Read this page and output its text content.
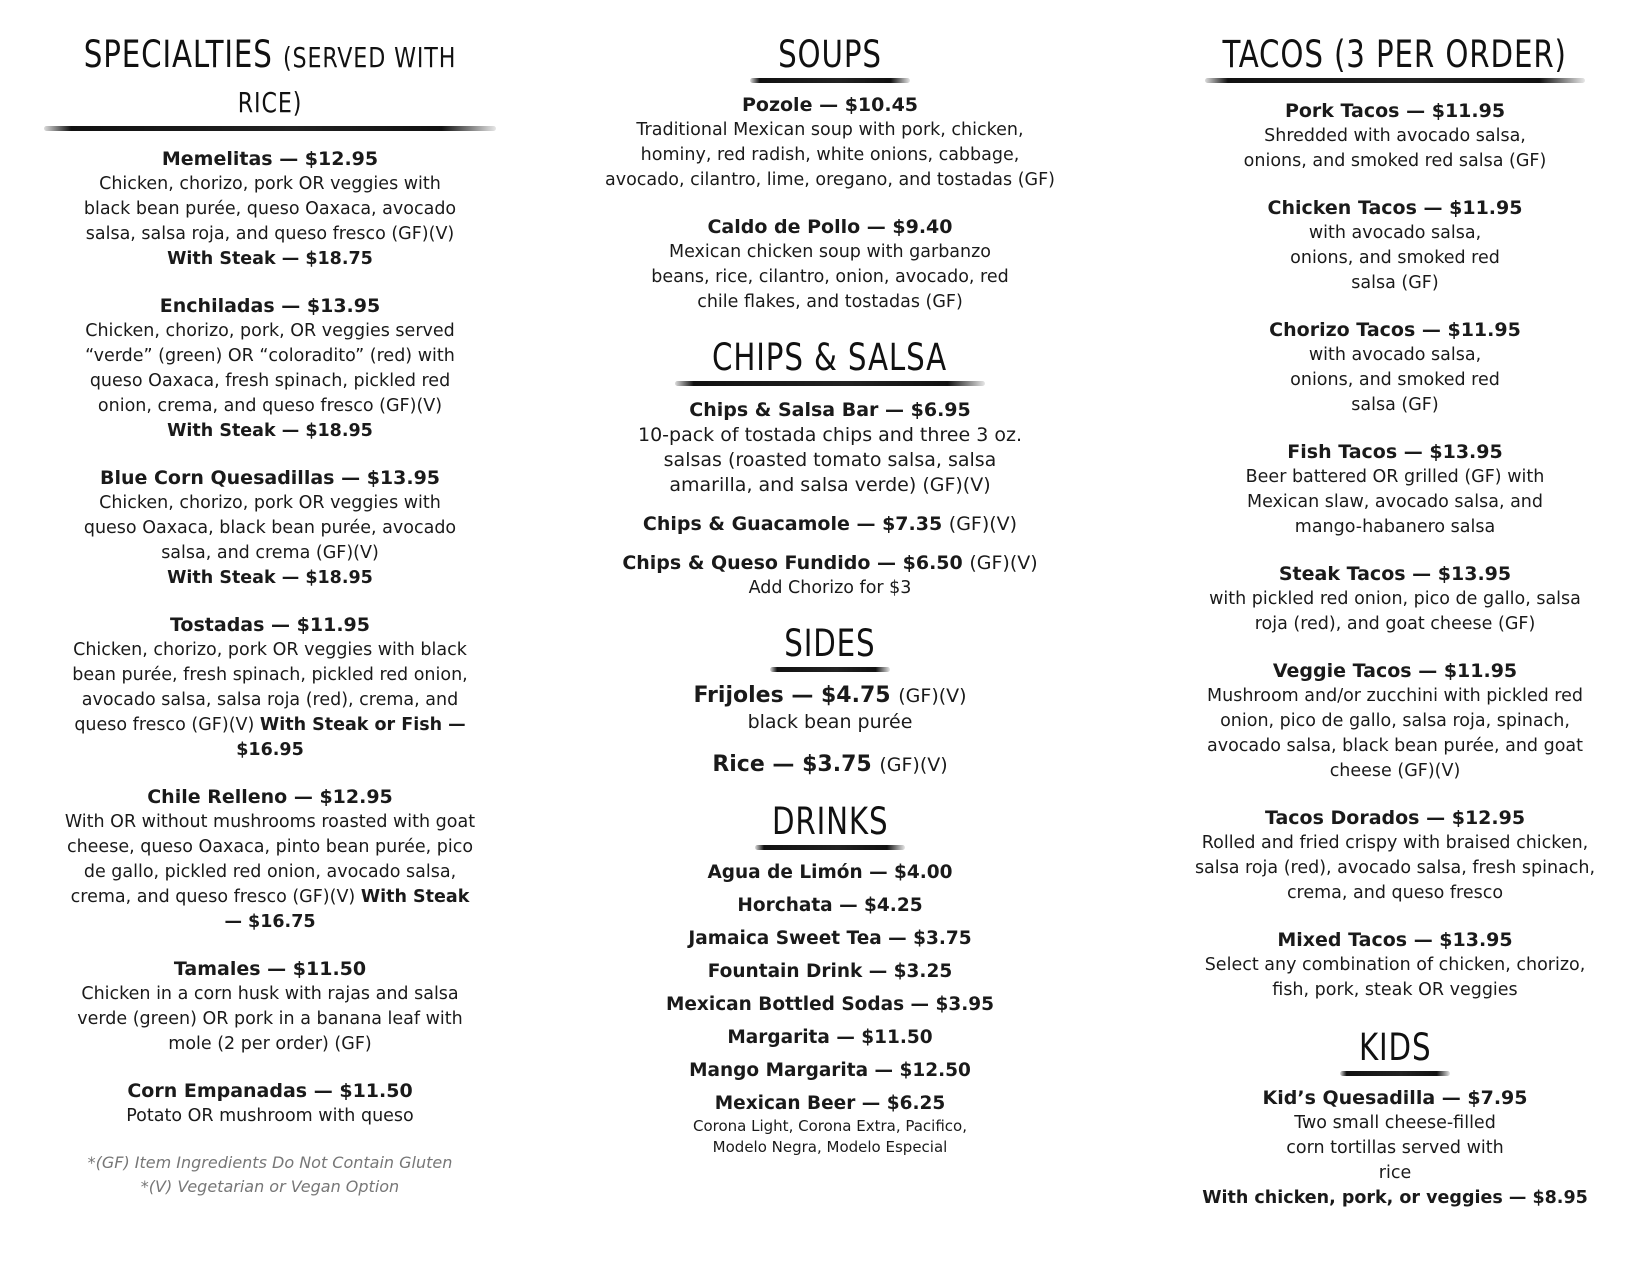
SPECIALTIES (SERVED WITH RICE)
Memelitas — $12.95
Chicken, chorizo, pork OR veggies with black bean purée, queso Oaxaca, avocado salsa, salsa roja, and queso fresco (GF)(V)
With Steak — $18.75
Enchiladas — $13.95
Chicken, chorizo, pork, OR veggies served “verde” (green) OR “coloradito” (red) with queso Oaxaca, fresh spinach, pickled red onion, crema, and queso fresco (GF)(V)
With Steak — $18.95
Blue Corn Quesadillas — $13.95
Chicken, chorizo, pork OR veggies with queso Oaxaca, black bean purée, avocado salsa, and crema (GF)(V)
With Steak — $18.95
Tostadas — $11.95
Chicken, chorizo, pork OR veggies with black bean purée, fresh spinach, pickled red onion, avocado salsa, salsa roja (red), crema, and queso fresco (GF)(V) With Steak or Fish — $16.95
Chile Relleno — $12.95
With OR without mushrooms roasted with goat cheese, queso Oaxaca, pinto bean purée, pico de gallo, pickled red onion, avocado salsa, crema, and queso fresco (GF)(V) With Steak — $16.75
Tamales — $11.50
Chicken in a corn husk with rajas and salsa verde (green) OR pork in a banana leaf with mole (2 per order) (GF)
Corn Empanadas — $11.50
Potato OR mushroom with queso
*(GF) Item Ingredients Do Not Contain Gluten
*(V) Vegetarian or Vegan Option
SOUPS
Pozole — $10.45
Traditional Mexican soup with pork, chicken, hominy, red radish, white onions, cabbage, avocado, cilantro, lime, oregano, and tostadas (GF)
Caldo de Pollo — $9.40
Mexican chicken soup with garbanzo beans, rice, cilantro, onion, avocado, red chile flakes, and tostadas (GF)
CHIPS & SALSA
Chips & Salsa Bar — $6.95
10-pack of tostada chips and three 3 oz. salsas (roasted tomato salsa, salsa amarilla, and salsa verde) (GF)(V)
Chips & Guacamole — $7.35 (GF)(V)
Chips & Queso Fundido — $6.50 (GF)(V)
Add Chorizo for $3
SIDES
Frijoles — $4.75 (GF)(V)
black bean purée
Rice — $3.75 (GF)(V)
DRINKS
Agua de Limón — $4.00
Horchata — $4.25
Jamaica Sweet Tea — $3.75
Fountain Drink — $3.25
Mexican Bottled Sodas — $3.95
Margarita — $11.50
Mango Margarita — $12.50
Mexican Beer — $6.25
Corona Light, Corona Extra, Pacifico,
Modelo Negra, Modelo Especial
TACOS (3 PER ORDER)
Pork Tacos — $11.95
Shredded with avocado salsa, onions, and smoked red salsa (GF)
Chicken Tacos — $11.95
with avocado salsa, onions, and smoked red salsa (GF)
Chorizo Tacos — $11.95
with avocado salsa, onions, and smoked red salsa (GF)
Fish Tacos — $13.95
Beer battered OR grilled (GF) with Mexican slaw, avocado salsa, and mango-habanero salsa
Steak Tacos — $13.95
with pickled red onion, pico de gallo, salsa roja (red), and goat cheese (GF)
Veggie Tacos — $11.95
Mushroom and/or zucchini with pickled red onion, pico de gallo, salsa roja, spinach, avocado salsa, black bean purée, and goat cheese (GF)(V)
Tacos Dorados — $12.95
Rolled and fried crispy with braised chicken, salsa roja (red), avocado salsa, fresh spinach, crema, and queso fresco
Mixed Tacos — $13.95
Select any combination of chicken, chorizo, fish, pork, steak OR veggies
KIDS
Kid’s Quesadilla — $7.95
Two small cheese-filled corn tortillas served with rice
With chicken, pork, or veggies — $8.95
